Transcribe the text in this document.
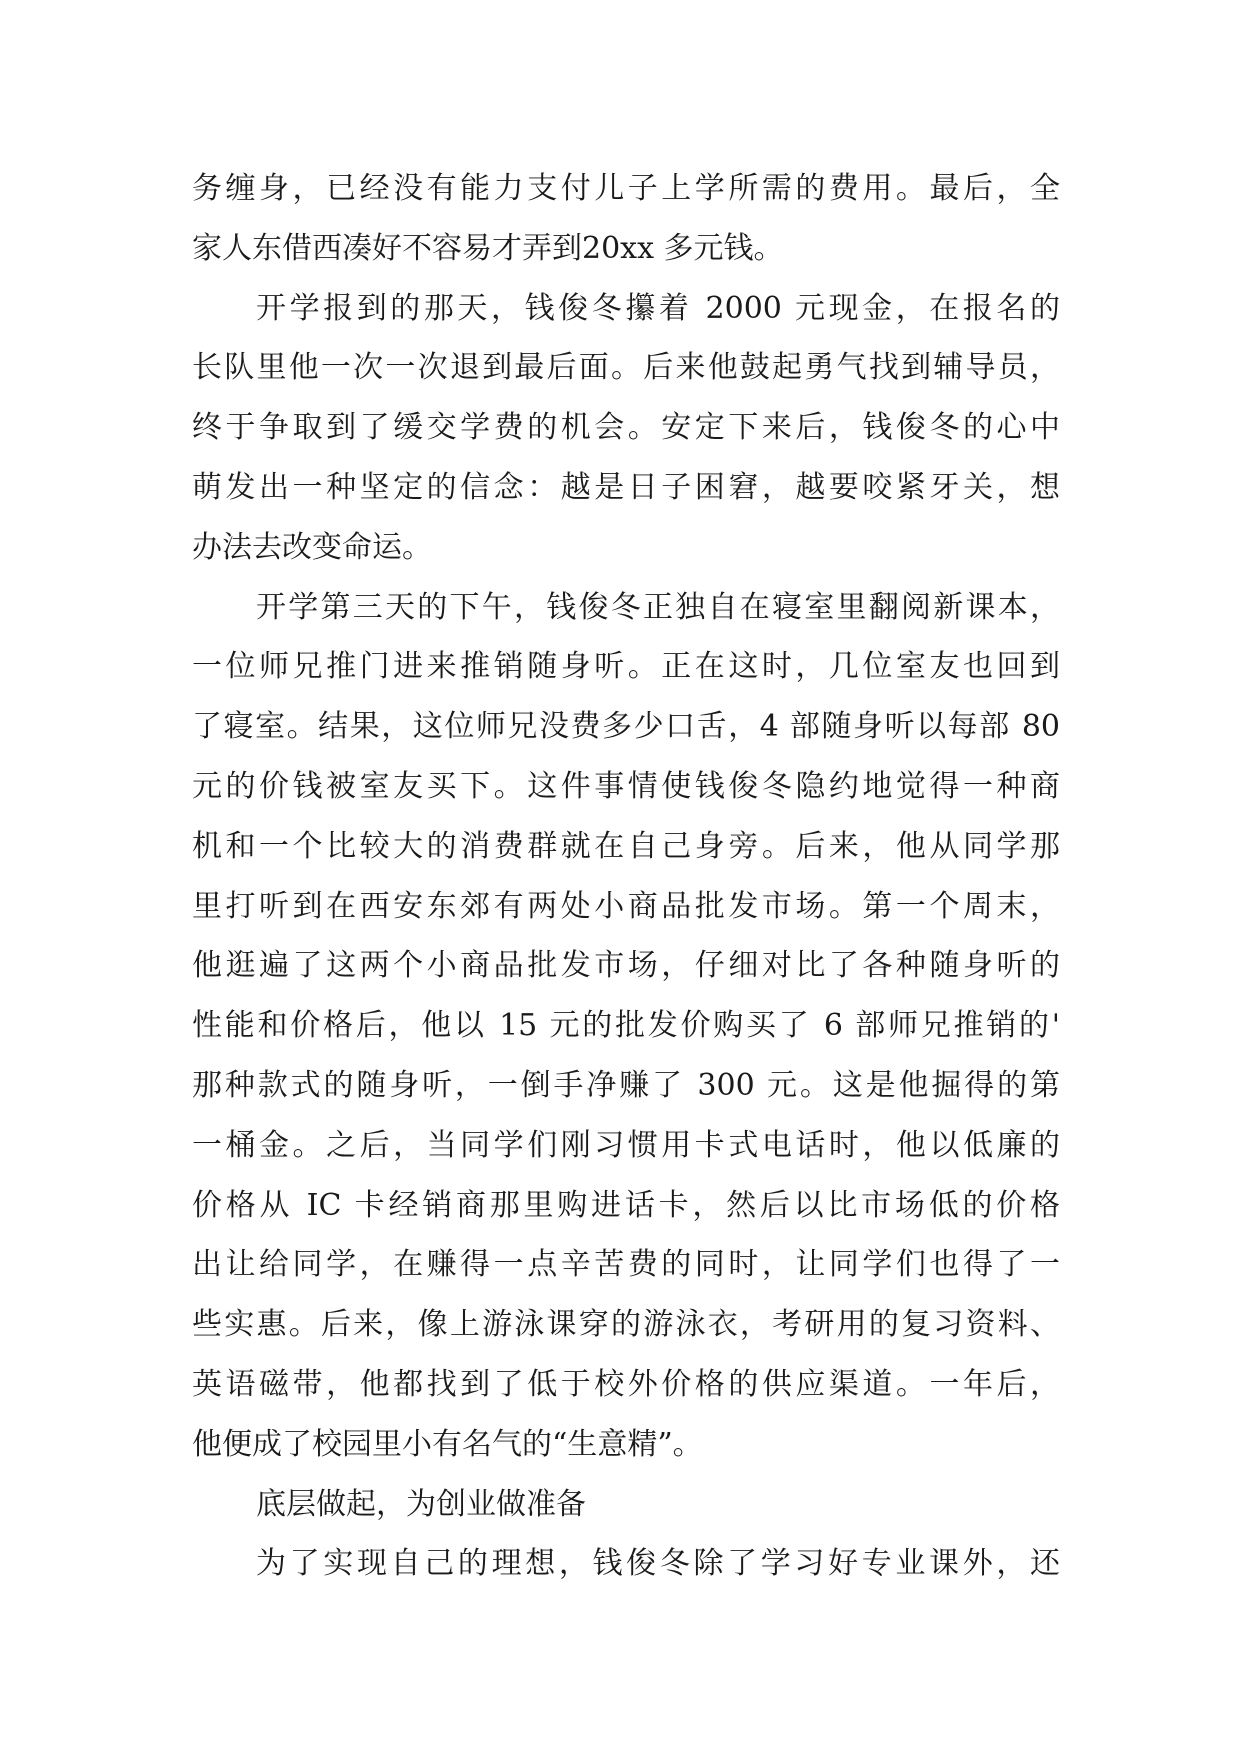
务缠身，已经没有能力支付儿子上学所需的费用。最后，全
家人东借西凑好不容易才弄到20xx 多元钱。
开学报到的那天，钱俊冬攥着 2000 元现金，在报名的
长队里他一次一次退到最后面。后来他鼓起勇气找到辅导员，
终于争取到了缓交学费的机会。安定下来后，钱俊冬的心中
萌发出一种坚定的信念：越是日子困窘，越要咬紧牙关，想
办法去改变命运。
开学第三天的下午，钱俊冬正独自在寝室里翻阅新课本，
一位师兄推门进来推销随身听。正在这时，几位室友也回到
了寝室。结果，这位师兄没费多少口舌，4 部随身听以每部 80
元的价钱被室友买下。这件事情使钱俊冬隐约地觉得一种商
机和一个比较大的消费群就在自己身旁。后来，他从同学那
里打听到在西安东郊有两处小商品批发市场。第一个周末，
他逛遍了这两个小商品批发市场，仔细对比了各种随身听的
性能和价格后，他以 15 元的批发价购买了 6 部师兄推销的'
那种款式的随身听，一倒手净赚了 300 元。这是他掘得的第
一桶金。之后，当同学们刚习惯用卡式电话时，他以低廉的
价格从 IC 卡经销商那里购进话卡，然后以比市场低的价格
出让给同学，在赚得一点辛苦费的同时，让同学们也得了一
些实惠。后来，像上游泳课穿的游泳衣，考研用的复习资料、
英语磁带，他都找到了低于校外价格的供应渠道。一年后，
他便成了校园里小有名气的“生意精”。
底层做起，为创业做准备
为了实现自己的理想，钱俊冬除了学习好专业课外，还
